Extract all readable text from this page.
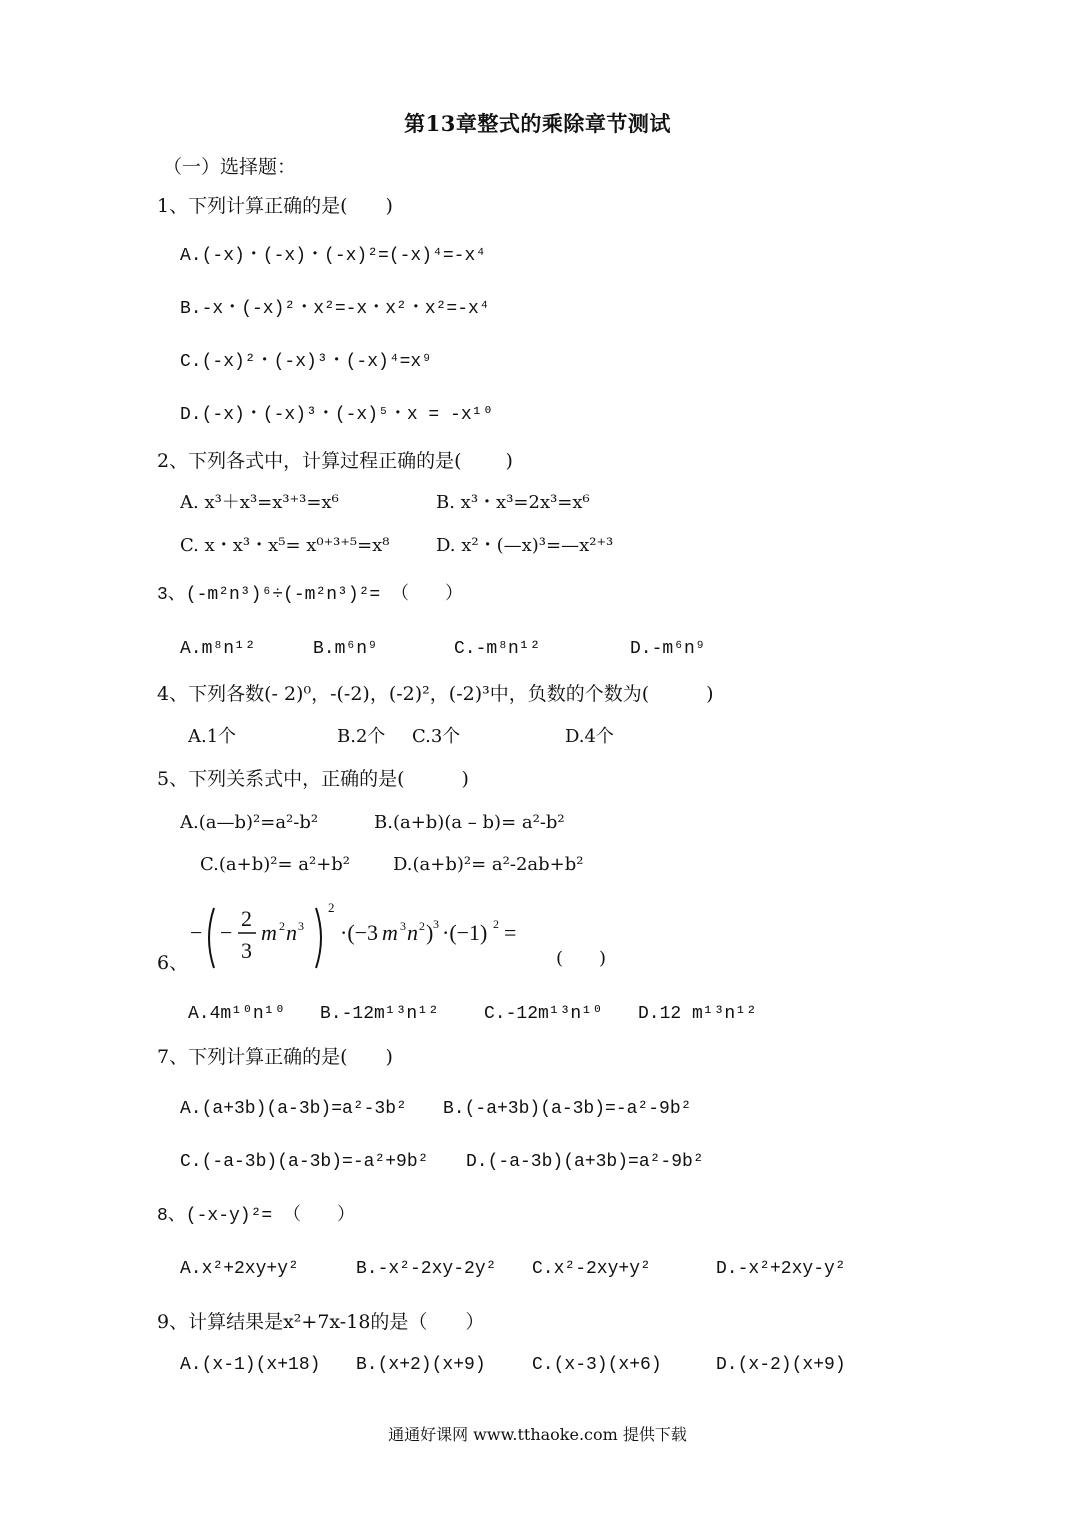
第13章整式的乘除章节测试
（一）选择题：
1、下列计算正确的是(　　)
A.(-x)・(-x)・(-x)²=(-x)⁴=-x⁴
B.-x・(-x)²・x²=-x・x²・x²=-x⁴
C.(-x)²・(-x)³・(-x)⁴=x⁹
D.(-x)・(-x)³・(-x)⁵・x = -x¹⁰
2、下列各式中，计算过程正确的是(　　 )
A. x³＋x³=x³⁺³=x⁶	B. x³・x³=2x³=x⁶
C. x・x³・x⁵= x⁰⁺³⁺⁵=x⁸	D. x²・(—x)³=—x²⁺³
3、(-m²n³)⁶÷(-m²n³)²= （　　）
A.m⁸n¹²	B.m⁶n⁹	C.-m⁸n¹²	D.-m⁶n⁹
4、下列各数(- 2)⁰，-(-2)，(-2)²，(-2)³中，负数的个数为(　　　)
A.1个	B.2个 C.3个	D.4个
5、下列关系式中，正确的是(　　　)
A.(a—b)²=a²-b²	B.(a+b)(a – b)= a²-b²
C.(a+b)²= a²+b² D.(a+b)²= a²-2ab+b²
6、
− −
2
3
m 2 n 3
2
·(−3 m 3 n 2 ) 3 ·(−1) 2 =
(　　)
A.4m¹⁰n¹⁰ B.-12m¹³n¹²	C.-12m¹³n¹⁰ D.12 m¹³n¹²
7、下列计算正确的是(　　)
A.(a+3b)(a-3b)=a²-3b² B.(-a+3b)(a-3b)=-a²-9b²
C.(-a-3b)(a-3b)=-a²+9b² D.(-a-3b)(a+3b)=a²-9b²
8、(-x-y)²= （　　）
A.x²+2xy+y²	B.-x²-2xy-2y² C.x²-2xy+y²	D.-x²+2xy-y²
9、计算结果是x²+7x-18的是（　　）
A.(x-1)(x+18) B.(x+2)(x+9)	C.(x-3)(x+6)	D.(x-2)(x+9)
通通好课网 www.tthaoke.com 提供下载
